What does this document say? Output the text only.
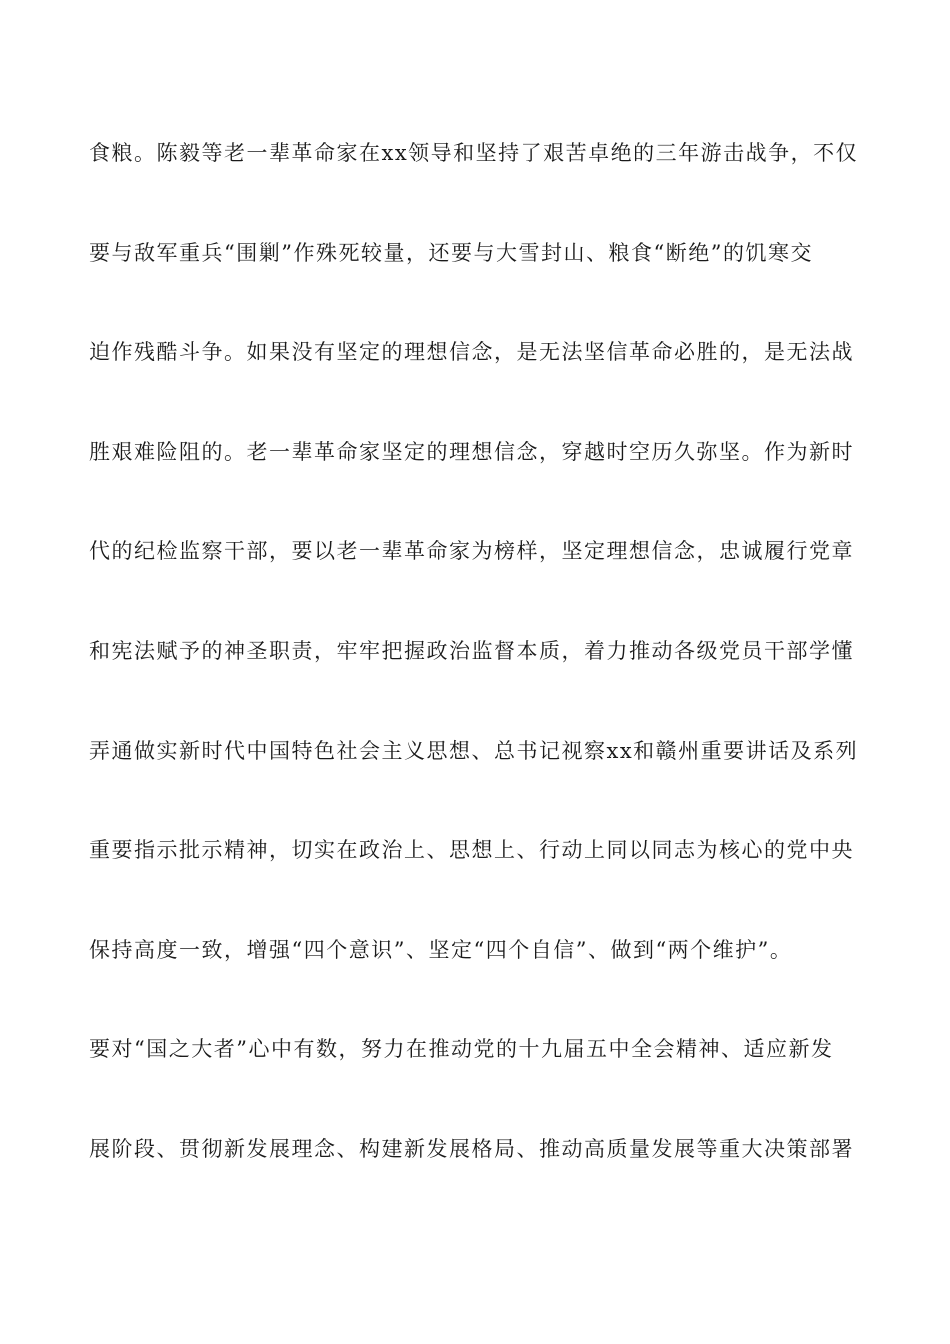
食粮。陈毅等老一辈革命家在xx领导和坚持了艰苦卓绝的三年游击战争，不仅
要与敌军重兵“围剿”作殊死较量，还要与大雪封山、粮食“断绝”的饥寒交
迫作残酷斗争。如果没有坚定的理想信念，是无法坚信革命必胜的，是无法战
胜艰难险阻的。老一辈革命家坚定的理想信念，穿越时空历久弥坚。作为新时
代的纪检监察干部，要以老一辈革命家为榜样，坚定理想信念，忠诚履行党章
和宪法赋予的神圣职责，牢牢把握政治监督本质，着力推动各级党员干部学懂
弄通做实新时代中国特色社会主义思想、总书记视察xx和赣州重要讲话及系列
重要指示批示精神，切实在政治上、思想上、行动上同以同志为核心的党中央
保持高度一致，增强“四个意识”、坚定“四个自信”、做到“两个维护”。
要对“国之大者”心中有数，努力在推动党的十九届五中全会精神、适应新发
展阶段、贯彻新发展理念、构建新发展格局、推动高质量发展等重大决策部署
